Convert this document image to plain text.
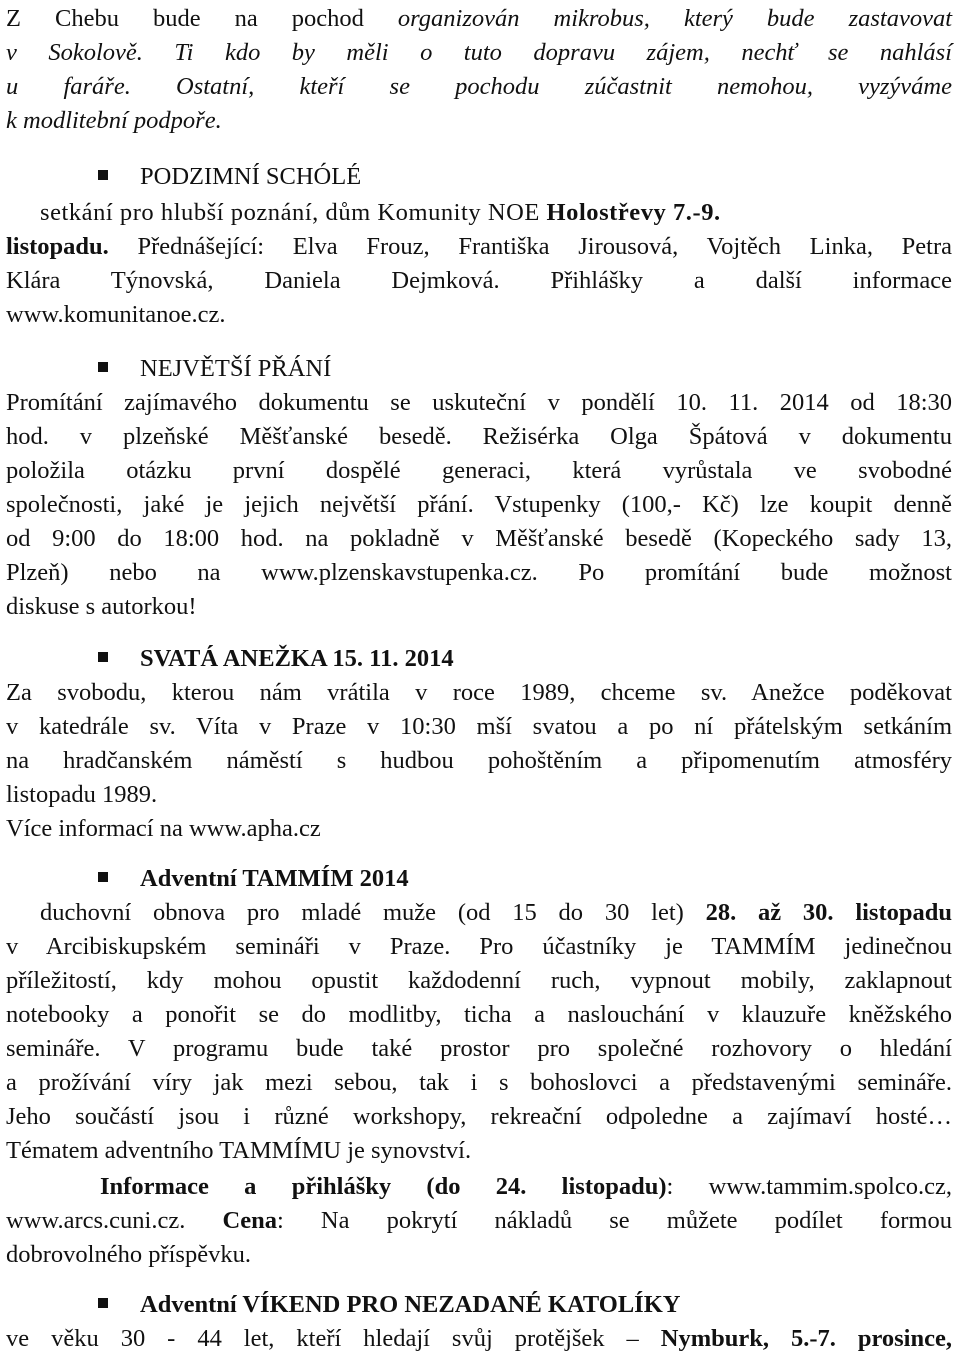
Z Chebu bude na pochod organizován mikrobus, který bude zastavovat
v Sokolově. Ti kdo by měli o tuto dopravu zájem, nechť se nahlásí
u faráře. Ostatní, kteří se pochodu zúčastnit nemohou, vyzýváme
k modlitební podpoře.
PODZIMNÍ SCHÓLÉ
setkání pro hlubší poznání, dům Komunity NOE Holostřevy 7.-9.
listopadu. Přednášející: Elva Frouz, Františka Jirousová, Vojtěch Linka, Petra
Klára Týnovská, Daniela Dejmková. Přihlášky a další informace
www.komunitanoe.cz.
NEJVĚTŠÍ PŘÁNÍ
Promítání zajímavého dokumentu se uskuteční v pondělí 10. 11. 2014 od 18:30
hod. v plzeňské Měšťanské besedě. Režisérka Olga Špátová v dokumentu
položila otázku první dospělé generaci, která vyrůstala ve svobodné
společnosti, jaké je jejich největší přání. Vstupenky (100,- Kč) lze koupit denně
od 9:00 do 18:00 hod. na pokladně v Měšťanské besedě (Kopeckého sady 13,
Plzeň) nebo na www.plzenskavstupenka.cz. Po promítání bude možnost
diskuse s autorkou!
SVATÁ ANEŽKA 15. 11. 2014
Za svobodu, kterou nám vrátila v roce 1989, chceme sv. Anežce poděkovat
v katedrále sv. Víta v Praze v 10:30 mší svatou a po ní přátelským setkáním
na hradčanském náměstí s hudbou pohoštěním a připomenutím atmosféry
listopadu 1989.
Více informací na www.apha.cz
Adventní TAMMÍM 2014
duchovní obnova pro mladé muže (od 15 do 30 let) 28. až 30. listopadu
v Arcibiskupském semináři v Praze. Pro účastníky je TAMMÍM jedinečnou
příležitostí, kdy mohou opustit každodenní ruch, vypnout mobily, zaklapnout
notebooky a ponořit se do modlitby, ticha a naslouchání v klauzuře kněžského
semináře. V programu bude také prostor pro společné rozhovory o hledání
a prožívání víry jak mezi sebou, tak i s bohoslovci a představenými semináře.
Jeho součástí jsou i různé workshopy, rekreační odpoledne a zajímaví hosté…
Tématem adventního TAMMÍMU je synovství.
Informace a přihlášky (do 24. listopadu): www.tammim.spolco.cz,
www.arcs.cuni.cz. Cena: Na pokrytí nákladů se můžete podílet formou
dobrovolného příspěvku.
Adventní VÍKEND PRO NEZADANÉ KATOLÍKY
ve věku 30 - 44 let, kteří hledají svůj protějšek – Nymburk, 5.-7. prosince,
